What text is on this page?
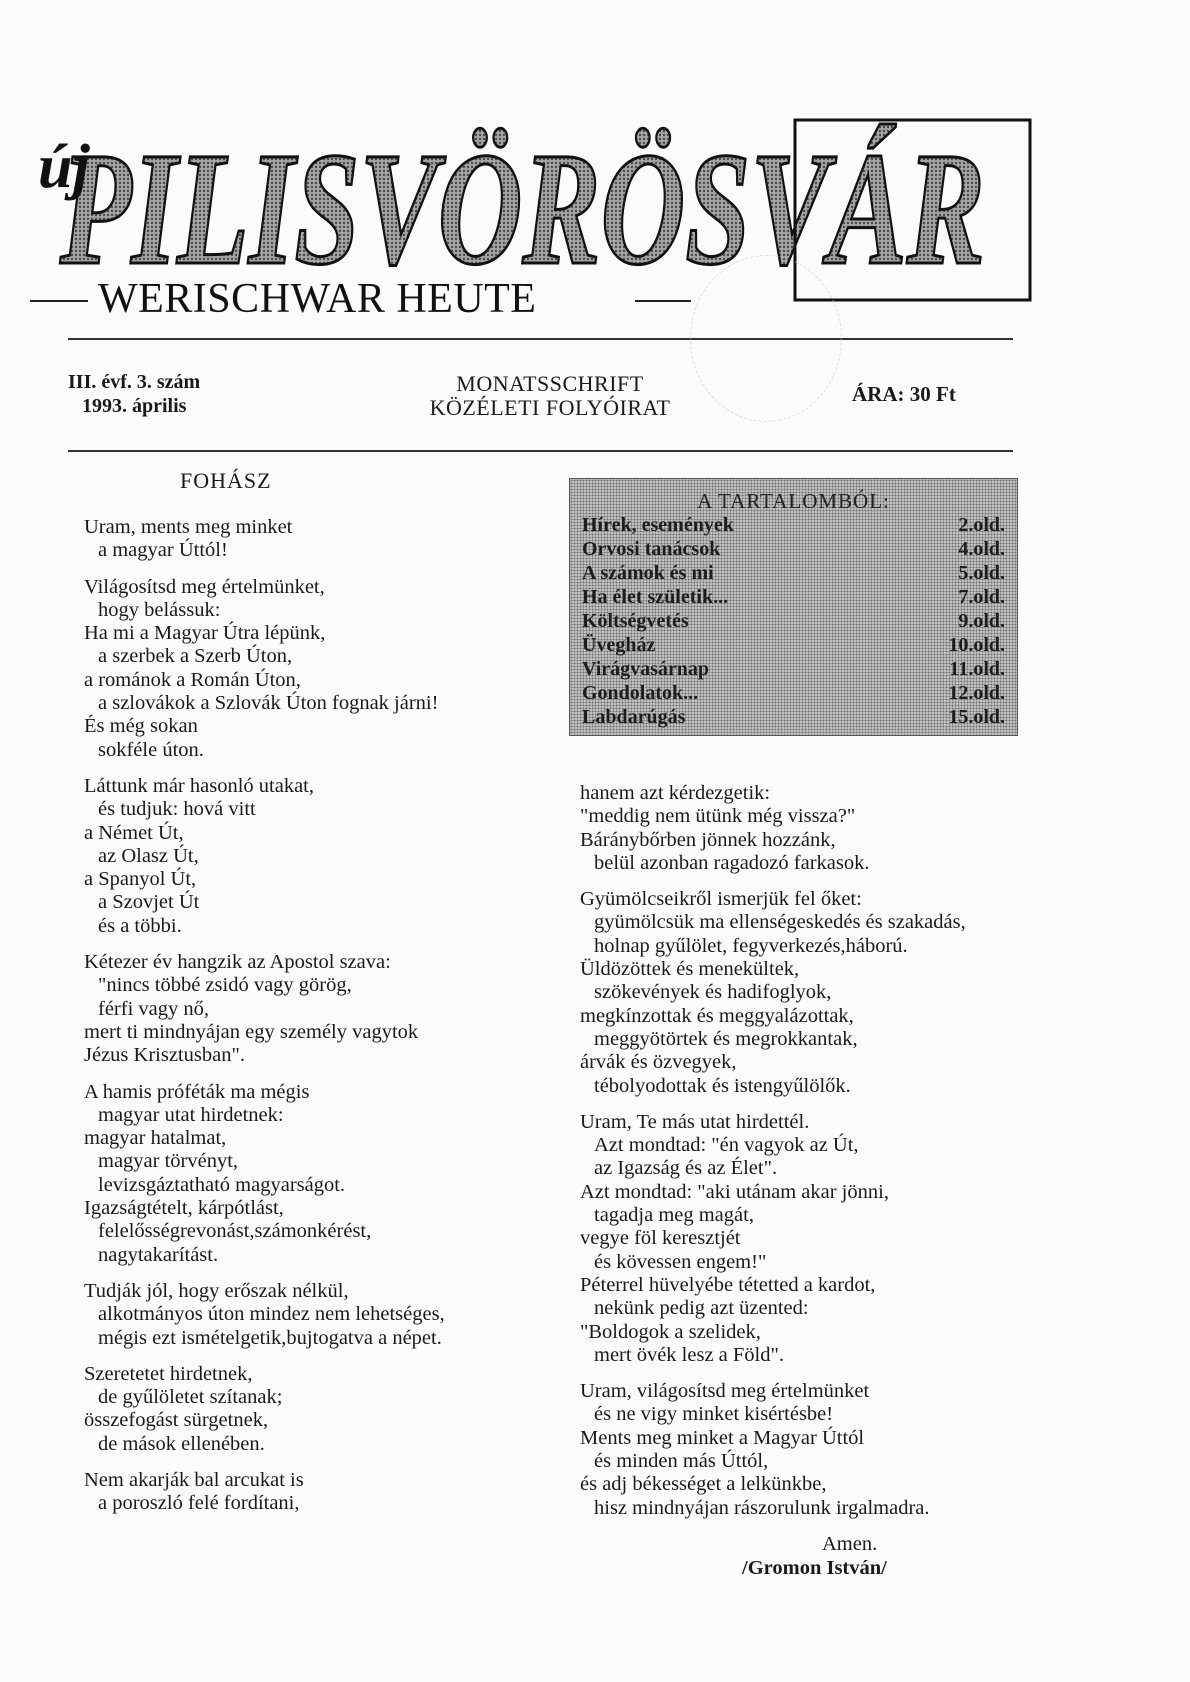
PILISVÖRÖSVÁR
új
WERISCHWAR HEUTE
III. évf. 3. szám
1993. április
MONATSSCHRIFT
KÖZÉLETI FOLYÓIRAT
ÁRA: 30 Ft
FOHÁSZ
Uram, ments meg minket
a magyar Úttól!
Világosítsd meg értelmünket,
hogy belássuk:
Ha mi a Magyar Útra lépünk,
a szerbek a Szerb Úton,
a románok a Román Úton,
a szlovákok a Szlovák Úton fognak járni!
És még sokan
sokféle úton.
Láttunk már hasonló utakat,
és tudjuk: hová vitt
a Német Út,
az Olasz Út,
a Spanyol Út,
a Szovjet Út
és a többi.
Kétezer év hangzik az Apostol szava:
"nincs többé zsidó vagy görög,
férfi vagy nő,
mert ti mindnyájan egy személy vagytok
Jézus Krisztusban".
A hamis próféták ma mégis
magyar utat hirdetnek:
magyar hatalmat,
magyar törvényt,
levizsgáztatható magyarságot.
Igazságtételt, kárpótlást,
felelősségrevonást,számonkérést,
nagytakarítást.
Tudják jól, hogy erőszak nélkül,
alkotmányos úton mindez nem lehetséges,
mégis ezt ismételgetik,bujtogatva a népet.
Szeretetet hirdetnek,
de gyűlöletet szítanak;
összefogást sürgetnek,
de mások ellenében.
Nem akarják bal arcukat is
a poroszló felé fordítani,
A TARTALOMBÓL:
Hírek, események	2.old.
Orvosi tanácsok	4.old.
A számok és mi	5.old.
Ha élet születik...	7.old.
Költségvetés	9.old.
Üvegház	10.old.
Virágvasárnap	11.old.
Gondolatok...	12.old.
Labdarúgás	15.old.
hanem azt kérdezgetik:
"meddig nem ütünk még vissza?"
Báránybőrben jönnek hozzánk,
belül azonban ragadozó farkasok.
Gyümölcseikről ismerjük fel őket:
gyümölcsük ma ellenségeskedés és szakadás,
holnap gyűlölet, fegyverkezés,háború.
Üldözöttek és menekültek,
szökevények és hadifoglyok,
megkínzottak és meggyalázottak,
meggyötörtek és megrokkantak,
árvák és özvegyek,
tébolyodottak és istengyűlölők.
Uram, Te más utat hirdettél.
Azt mondtad: "én vagyok az Út,
az Igazság és az Élet".
Azt mondtad: "aki utánam akar jönni,
tagadja meg magát,
vegye föl keresztjét
és kövessen engem!"
Péterrel hüvelyébe tétetted a kardot,
nekünk pedig azt üzented:
"Boldogok a szelidek,
mert övék lesz a Föld".
Uram, világosítsd meg értelmünket
és ne vigy minket kisértésbe!
Ments meg minket a Magyar Úttól
és minden más Úttól,
és adj békességet a lelkünkbe,
hisz mindnyájan rászorulunk irgalmadra.
Amen.
/Gromon István/
